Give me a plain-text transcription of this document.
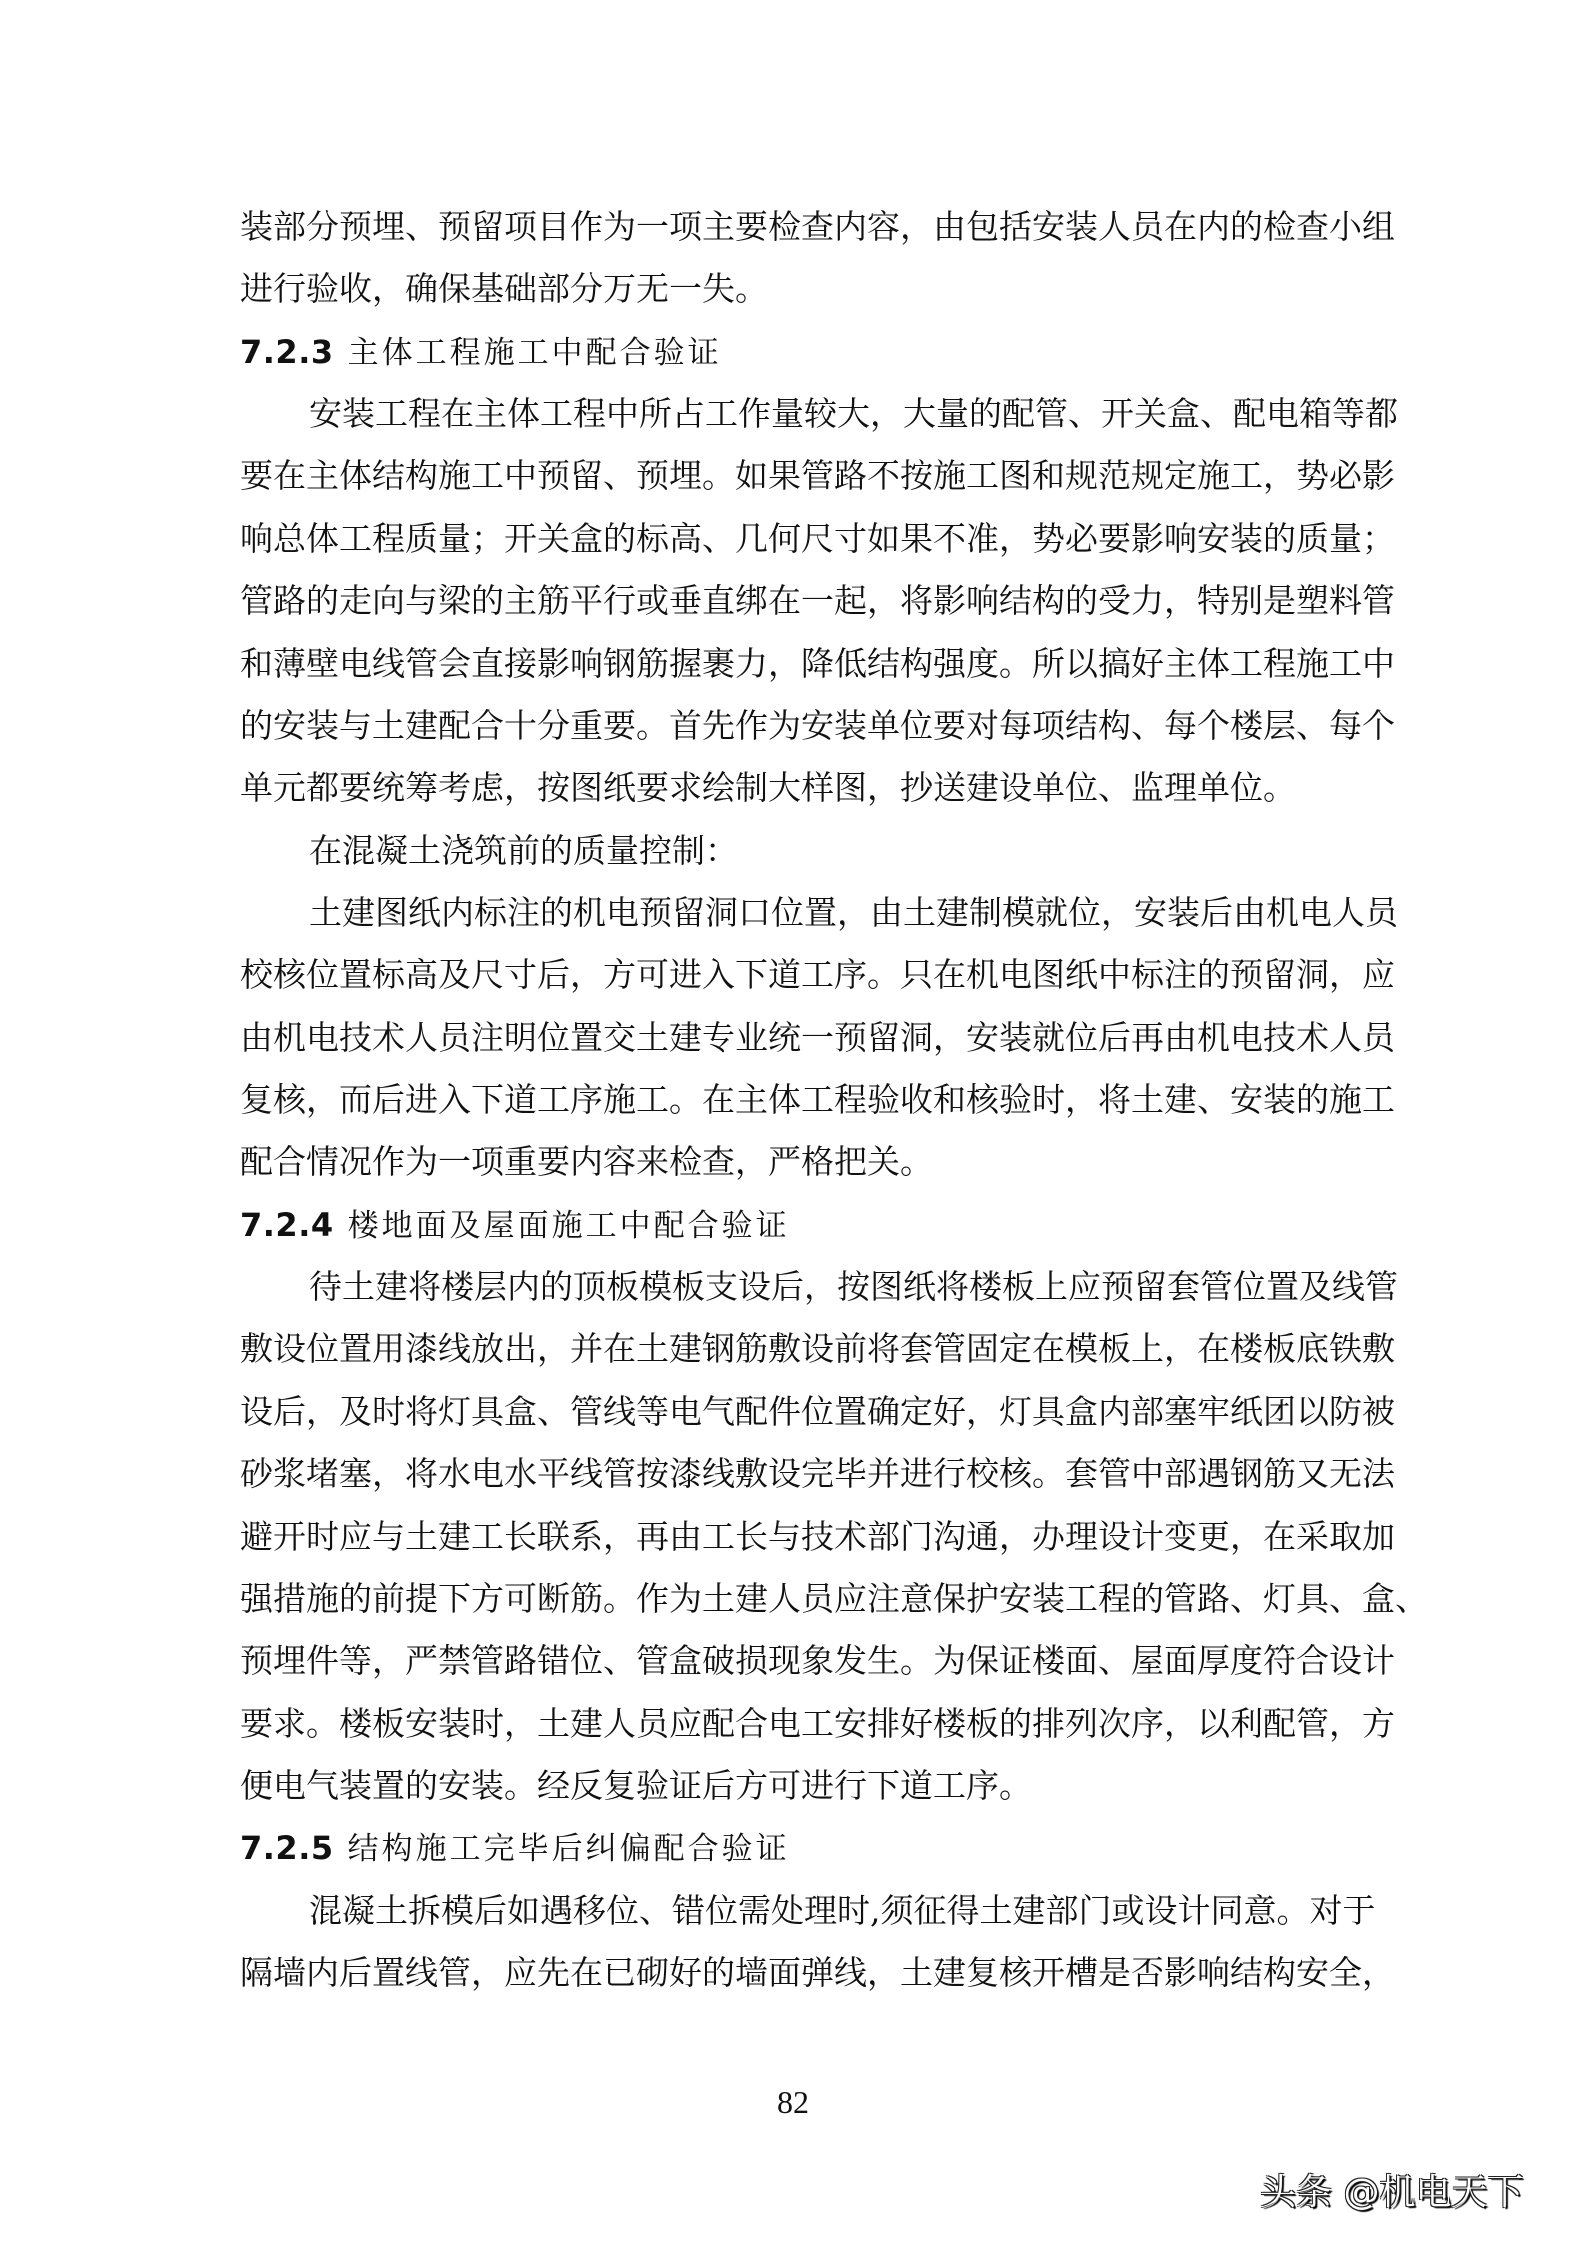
装部分预埋、预留项目作为一项主要检查内容，由包括安装人员在内的检查小组
进行验收，确保基础部分万无一失。
7.2.3 主体工程施工中配合验证
安装工程在主体工程中所占工作量较大，大量的配管、开关盒、配电箱等都
要在主体结构施工中预留、预埋。如果管路不按施工图和规范规定施工，势必影
响总体工程质量；开关盒的标高、几何尺寸如果不准，势必要影响安装的质量；
管路的走向与梁的主筋平行或垂直绑在一起，将影响结构的受力，特别是塑料管
和薄壁电线管会直接影响钢筋握裹力，降低结构强度。所以搞好主体工程施工中
的安装与土建配合十分重要。首先作为安装单位要对每项结构、每个楼层、每个
单元都要统筹考虑，按图纸要求绘制大样图，抄送建设单位、监理单位。
在混凝土浇筑前的质量控制：
土建图纸内标注的机电预留洞口位置，由土建制模就位，安装后由机电人员
校核位置标高及尺寸后，方可进入下道工序。只在机电图纸中标注的预留洞，应
由机电技术人员注明位置交土建专业统一预留洞，安装就位后再由机电技术人员
复核，而后进入下道工序施工。在主体工程验收和核验时，将土建、安装的施工
配合情况作为一项重要内容来检查，严格把关。
7.2.4 楼地面及屋面施工中配合验证
待土建将楼层内的顶板模板支设后，按图纸将楼板上应预留套管位置及线管
敷设位置用漆线放出，并在土建钢筋敷设前将套管固定在模板上，在楼板底铁敷
设后，及时将灯具盒、管线等电气配件位置确定好，灯具盒内部塞牢纸团以防被
砂浆堵塞，将水电水平线管按漆线敷设完毕并进行校核。套管中部遇钢筋又无法
避开时应与土建工长联系，再由工长与技术部门沟通，办理设计变更，在采取加
强措施的前提下方可断筋。作为土建人员应注意保护安装工程的管路、灯具、盒、
预埋件等，严禁管路错位、管盒破损现象发生。为保证楼面、屋面厚度符合设计
要求。楼板安装时，土建人员应配合电工安排好楼板的排列次序，以利配管，方
便电气装置的安装。经反复验证后方可进行下道工序。
7.2.5 结构施工完毕后纠偏配合验证
混凝土拆模后如遇移位、错位需处理时,须征得土建部门或设计同意。对于
隔墙内后置线管，应先在已砌好的墙面弹线，土建复核开槽是否影响结构安全，
82
头条 @机电天下
